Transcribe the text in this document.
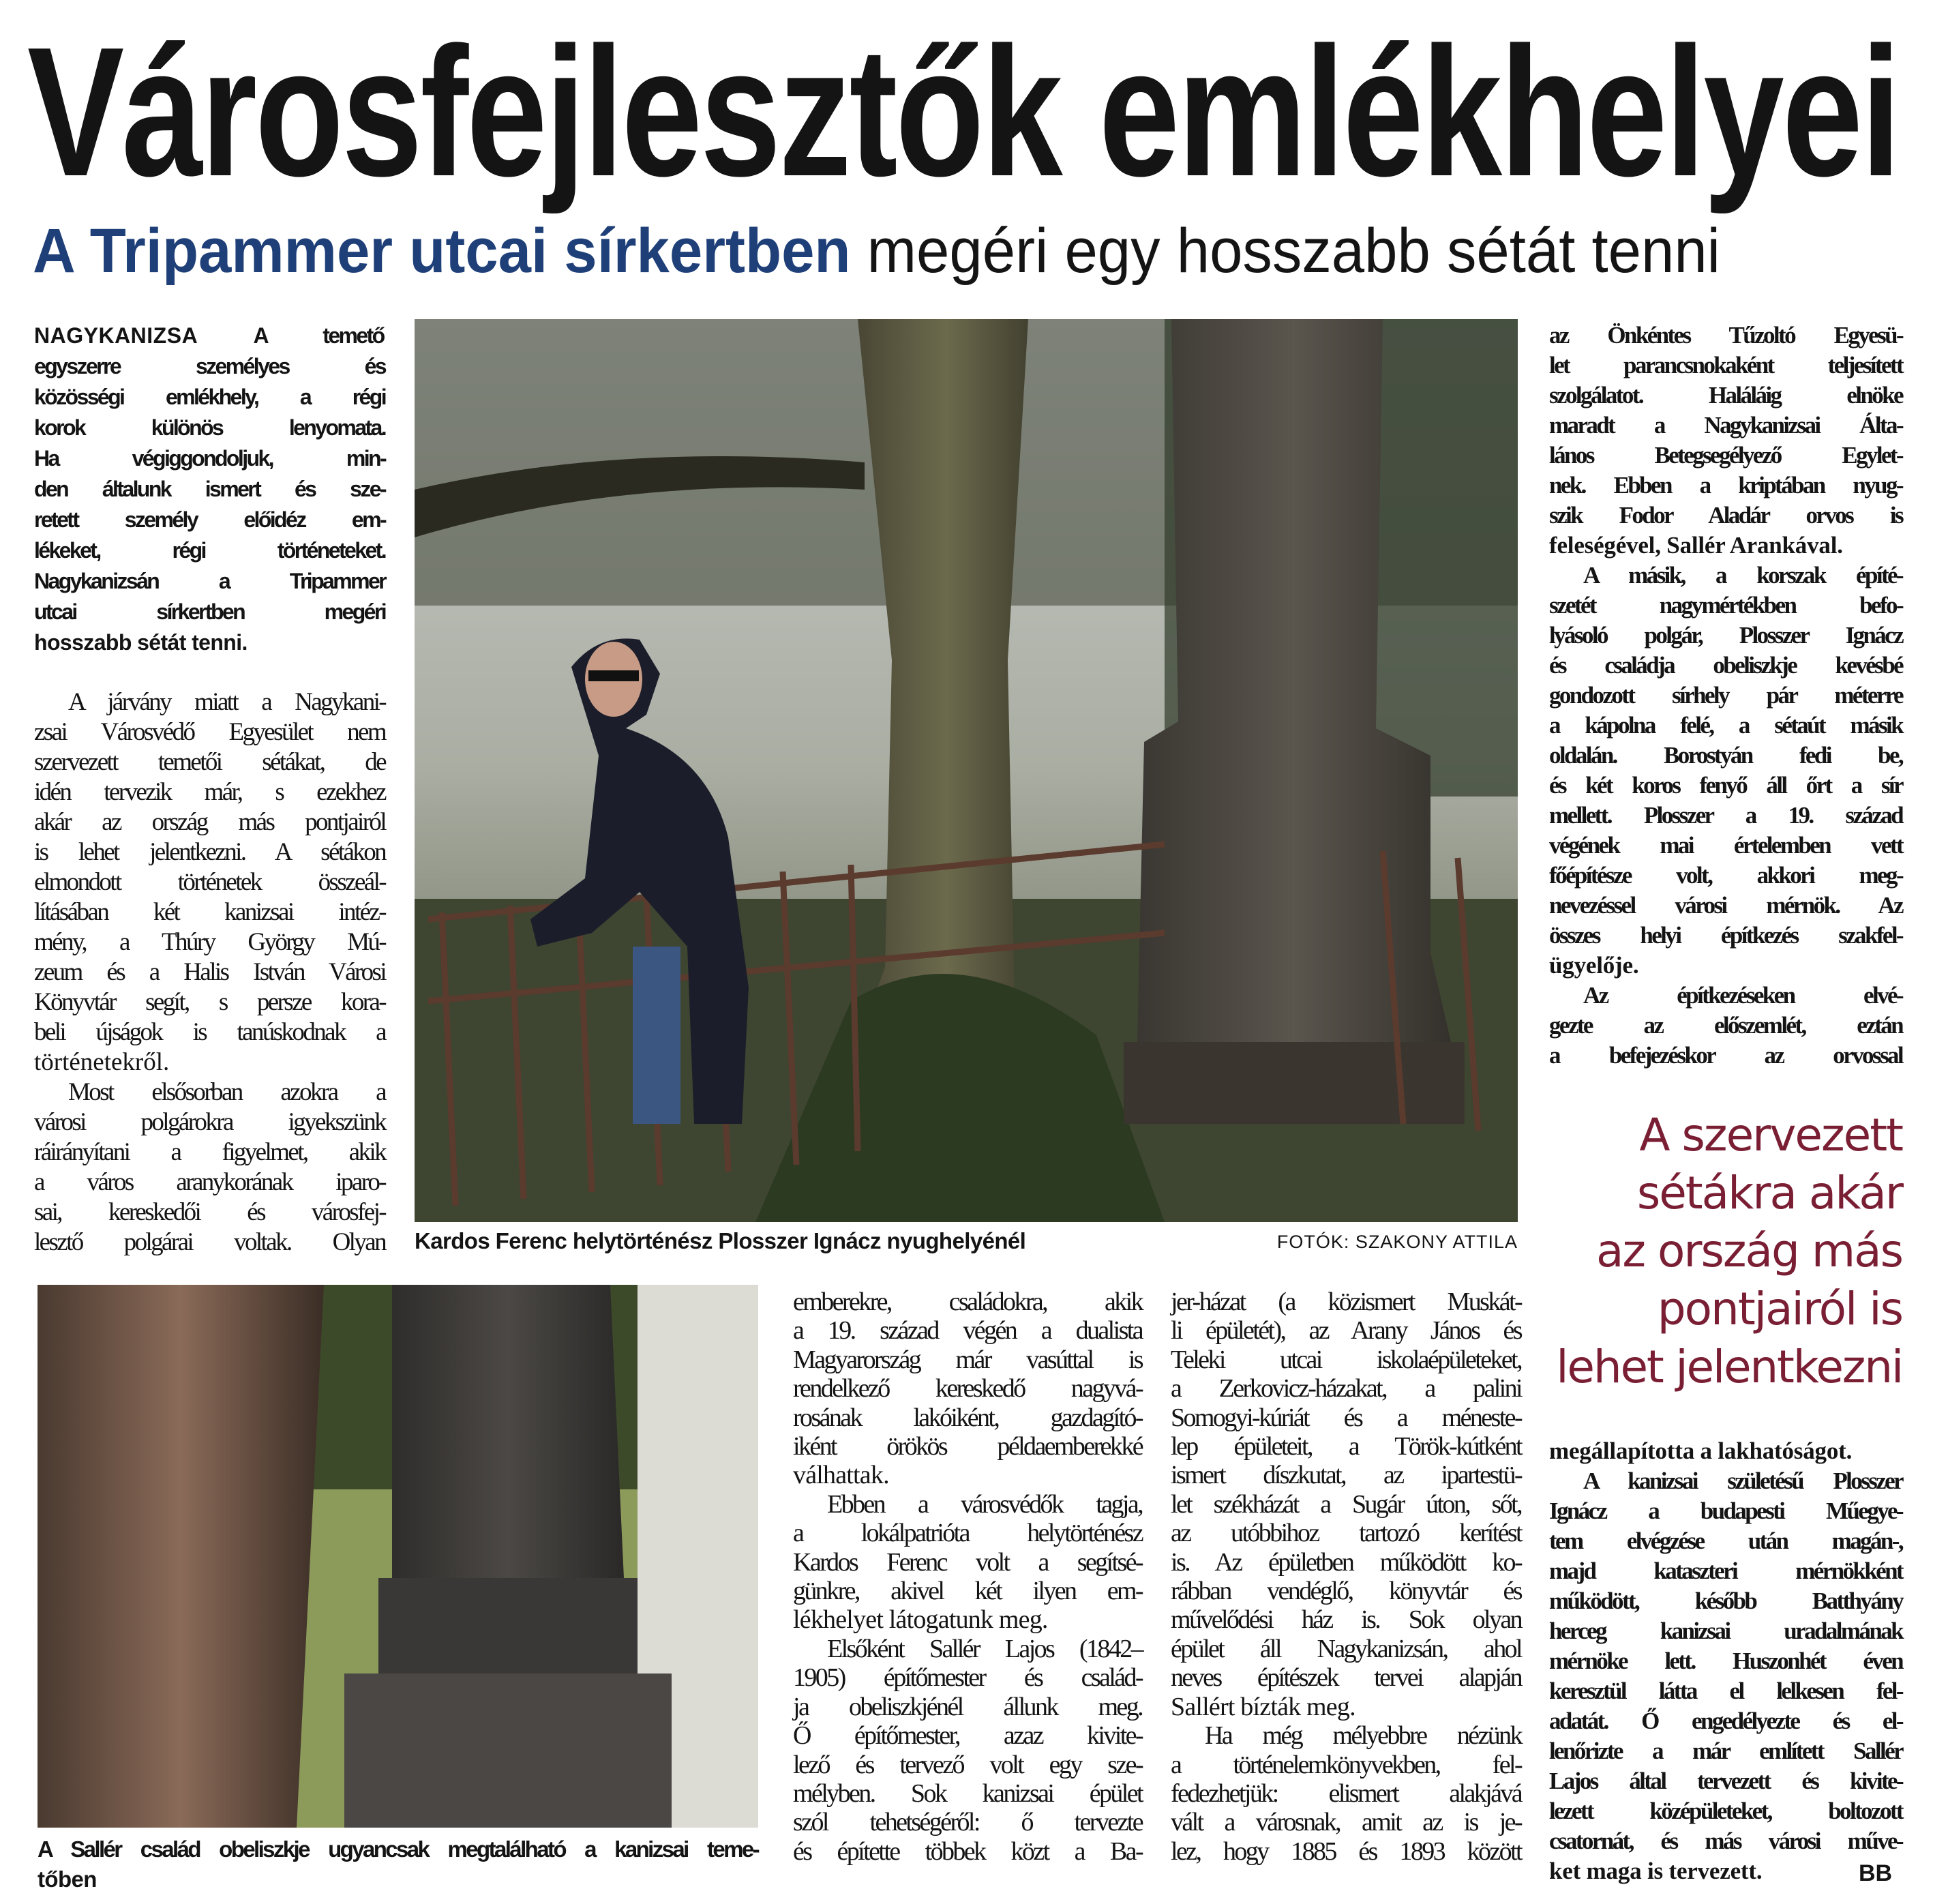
Városfejlesztők emlékhelyei
A Tripammer utcai sírkertben megéri egy hosszabb sétát tenni
NAGYKANIZSA	A temető
egyszerre személyes és
közösségi emlékhely, a régi
korok különös lenyomata.
Ha végiggondoljuk, min-
den általunk ismert és sze-
retett személy előidéz em-
lékeket, régi történeteket.
Nagykanizsán a Tripammer
utcai sírkertben megéri
hosszabb sétát tenni.
A járvány miatt a Nagykani-
zsai Városvédő Egyesület nem
szervezett temetői sétákat, de
idén tervezik már, s ezekhez
akár az ország más pontjairól
is lehet jelentkezni. A sétákon
elmondott történetek összeál-
lításában két kanizsai intéz-
mény, a Thúry György Mú-
zeum és a Halis István Városi
Könyvtár segít, s persze kora-
beli újságok is tanúskodnak a
történetekről.
Most elsősorban azokra a
városi polgárokra igyekszünk
ráirányítani a figyelmet, akik
a város aranykorának iparo-
sai, kereskedői és városfej-
lesztő polgárai voltak. Olyan Kardos Ferenc helytörténész Plosszer Ignácz nyughelyénél	FOTÓK: SZAKONY ATTILA
az Önkéntes Tűzoltó Egyesü-
let parancsnokaként teljesített
szolgálatot. Haláláig elnöke
maradt a Nagykanizsai Álta-
lános Betegsegélyező Egylet-
nek. Ebben a kriptában nyug-
szik Fodor Aladár orvos is
feleségével, Sallér Arankával.
A másik, a korszak építé-
szetét nagymértékben befo-
lyásoló polgár, Plosszer Ignácz
és családja obeliszkje kevésbé
gondozott sírhely pár méterre
a kápolna felé, a sétaút másik
oldalán. Borostyán fedi be,
és két koros fenyő áll őrt a sír
mellett. Plosszer a 19. század
végének mai értelemben vett
főépítésze volt, akkori meg-
nevezéssel városi mérnök. Az
összes helyi építkezés szakfel-
ügyelője.
Az építkezéseken elvé-
gezte az előszemlét, eztán
a befejezéskor az orvossal
A szervezett
sétákra akár
az ország más
pontjairól is
lehet jelentkezni
megállapította a lakhatóságot.
A kanizsai születésű Plosszer
Ignácz a budapesti Műegye-
tem elvégzése után magán-,
majd kataszteri mérnökként
működött, később Batthyány
herceg kanizsai uradalmának
mérnöke lett. Huszonhét éven
keresztül látta el lelkesen fel-
adatát. Ő engedélyezte és el-
lenőrizte a már említett Sallér
Lajos által tervezett és kivite-
lezett középületeket, boltozott
csatornát, és más városi műve-
ket maga is tervezett.	BB
A Sallér család obeliszkje ugyancsak megtalálható a kanizsai teme-
tőben
emberekre, családokra, akik
a 19. század végén a dualista
Magyarország már vasúttal is
rendelkező kereskedő nagyvá-
rosának lakóiként, gazdagító-
iként örökös példaemberekké
válhattak.
Ebben a városvédők tagja,
a lokálpatrióta helytörténész
Kardos Ferenc volt a segítsé-
günkre, akivel két ilyen em-
lékhelyet látogatunk meg.
Elsőként Sallér Lajos (1842–
1905) építőmester és család-
ja obeliszkjénél állunk meg.
Ő építőmester, azaz kivite-
lező és tervező volt egy sze-
mélyben. Sok kanizsai épület
szól tehetségéről: ő tervezte
és építette többek közt a Ba-
jer-házat (a közismert Muskát-
li épületét), az Arany János és
Teleki utcai iskolaépületeket,
a Zerkovicz-házakat, a palini
Somogyi-kúriát és a méneste-
lep épületeit, a Török-kútként
ismert díszkutat, az ipartestü-
let székházát a Sugár úton, sőt,
az utóbbihoz tartozó kerítést
is. Az épületben működött ko-
rábban vendéglő, könyvtár és
művelődési ház is. Sok olyan
épület áll Nagykanizsán, ahol
neves építészek tervei alapján
Sallért bízták meg.
Ha még mélyebbre nézünk
a történelemkönyvekben, fel-
fedezhetjük: elismert alakjává
vált a városnak, amit az is je-
lez, hogy 1885 és 1893 között
